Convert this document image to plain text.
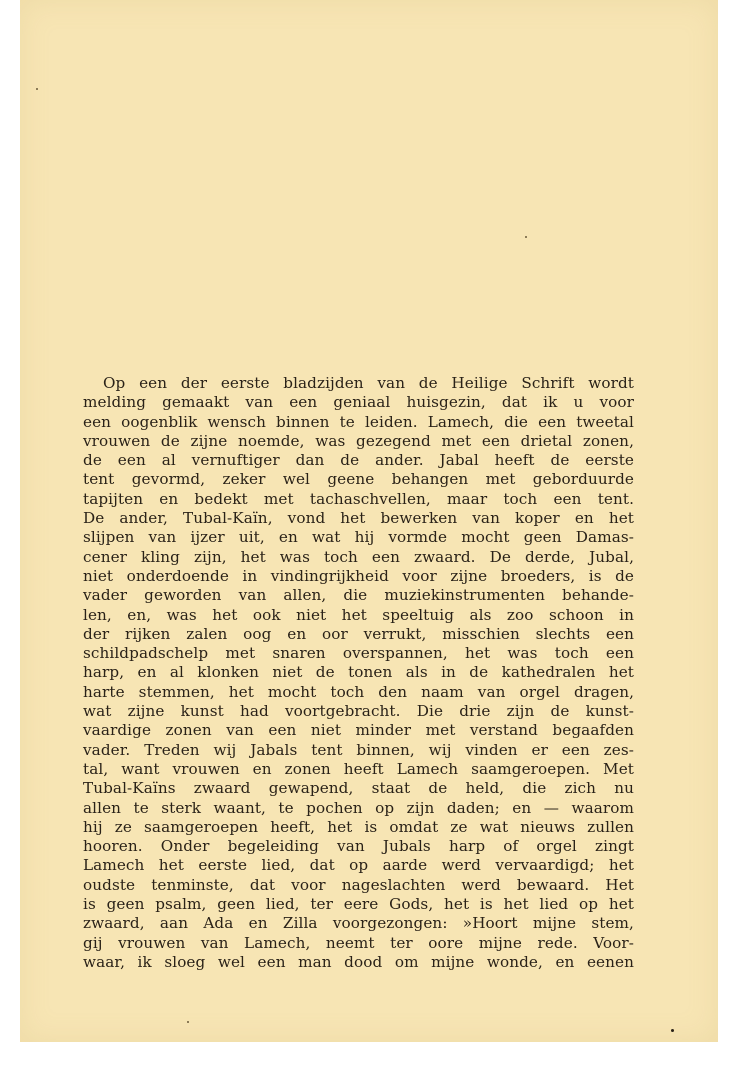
Op een der eerste bladzijden van de Heilige Schrift wordt
melding gemaakt van een geniaal huisgezin, dat ik u voor
een oogenblik wensch binnen te leiden. Lamech, die een tweetal
vrouwen de zijne noemde, was gezegend met een drietal zonen,
de een al vernuftiger dan de ander. Jabal heeft de eerste
tent gevormd, zeker wel geene behangen met geborduurde
tapijten en bedekt met tachaschvellen, maar toch een tent.
De ander, Tubal-Kaïn, vond het bewerken van koper en het
slijpen van ijzer uit, en wat hij vormde mocht geen Damas-
cener kling zijn, het was toch een zwaard. De derde, Jubal,
niet onderdoende in vindingrijkheid voor zijne broeders, is de
vader geworden van allen, die muziekinstrumenten behande-
len, en, was het ook niet het speeltuig als zoo schoon in
der rijken zalen oog en oor verrukt, misschien slechts een
schildpadschelp met snaren overspannen, het was toch een
harp, en al klonken niet de tonen als in de kathedralen het
harte stemmen, het mocht toch den naam van orgel dragen,
wat zijne kunst had voortgebracht. Die drie zijn de kunst-
vaardige zonen van een niet minder met verstand begaafden
vader. Treden wij Jabals tent binnen, wij vinden er een zes-
tal, want vrouwen en zonen heeft Lamech saamgeroepen. Met
Tubal-Kaïns zwaard gewapend, staat de held, die zich nu
allen te sterk waant, te pochen op zijn daden; en — waarom
hij ze saamgeroepen heeft, het is omdat ze wat nieuws zullen
hooren. Onder begeleiding van Jubals harp of orgel zingt
Lamech het eerste lied, dat op aarde werd vervaardigd; het
oudste tenminste, dat voor nageslachten werd bewaard. Het
is geen psalm, geen lied, ter eere Gods, het is het lied op het
zwaard, aan Ada en Zilla voorgezongen: »Hoort mijne stem,
gij vrouwen van Lamech, neemt ter oore mijne rede. Voor-
waar, ik sloeg wel een man dood om mijne wonde, en eenen
